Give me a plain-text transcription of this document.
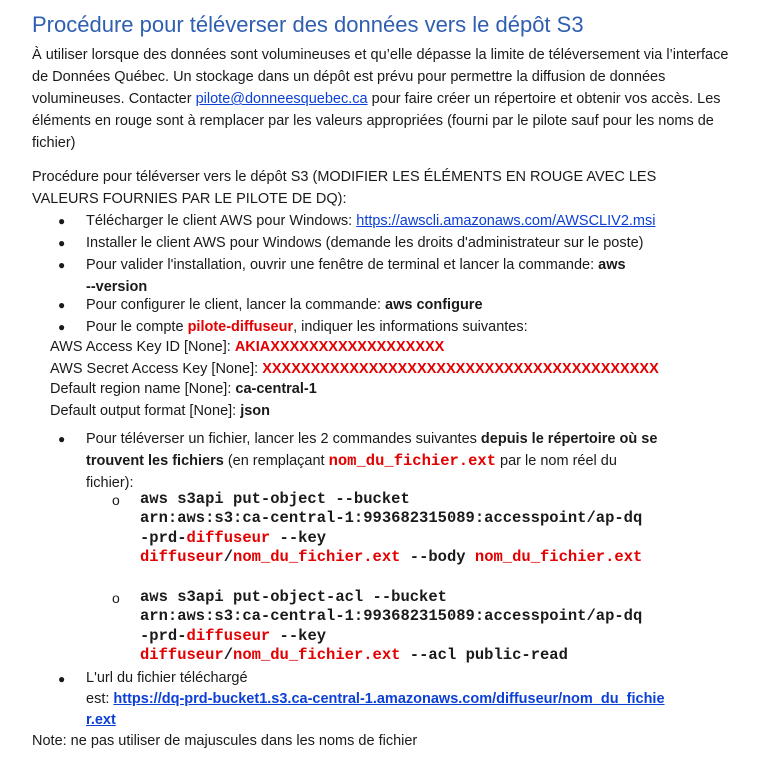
Procédure pour téléverser des données vers le dépôt S3

À utiliser lorsque des données sont volumineuses et qu’elle dépasse la limite de téléversement via l’interface de Données Québec. Un stockage dans un dépôt est prévu pour permettre la diffusion de données volumineuses. Contacter pilote@donneesquebec.ca pour faire créer un répertoire et obtenir vos accès. Les éléments en rouge sont à remplacer par les valeurs appropriées (fourni par le pilote sauf pour les noms de fichier)

Procédure pour téléverser vers le dépôt S3 (MODIFIER LES ÉLÉMENTS EN ROUGE AVEC LES VALEURS FOURNIES PAR LE PILOTE DE DQ):

●	Télécharger le client AWS pour Windows: https://awscli.amazonaws.com/AWSCLIV2.msi
●	Installer le client AWS pour Windows (demande les droits d'administrateur sur le poste)
●	Pour valider l'installation, ouvrir une fenêtre de terminal et lancer la commande: aws
--version
●	Pour configurer le client, lancer la commande: aws configure
●	Pour le compte pilote-diffuseur, indiquer les informations suivantes:
AWS Access Key ID [None]: AKIAXXXXXXXXXXXXXXXXXX
AWS Secret Access Key [None]: XXXXXXXXXXXXXXXXXXXXXXXXXXXXXXXXXXXXXXXXX
Default region name [None]: ca-central-1
Default output format [None]: json
●	Pour téléverser un fichier, lancer les 2 commandes suivantes depuis le répertoire où se
trouvent les fichiers (en remplaçant nom_du_fichier.ext par le nom réel du
fichier):
o aws s3api put-object --bucket
arn:aws:s3:ca-central-1:993682315089:accesspoint/ap-dq
-prd-diffuseur --key
diffuseur/nom_du_fichier.ext --body nom_du_fichier.ext
o aws s3api put-object-acl --bucket
arn:aws:s3:ca-central-1:993682315089:accesspoint/ap-dq
-prd-diffuseur --key
diffuseur/nom_du_fichier.ext --acl public-read
●	L'url du fichier téléchargé
est: https://dq-prd-bucket1.s3.ca-central-1.amazonaws.com/diffuseur/nom_du_fichie
r.ext
Note: ne pas utiliser de majuscules dans les noms de fichier
